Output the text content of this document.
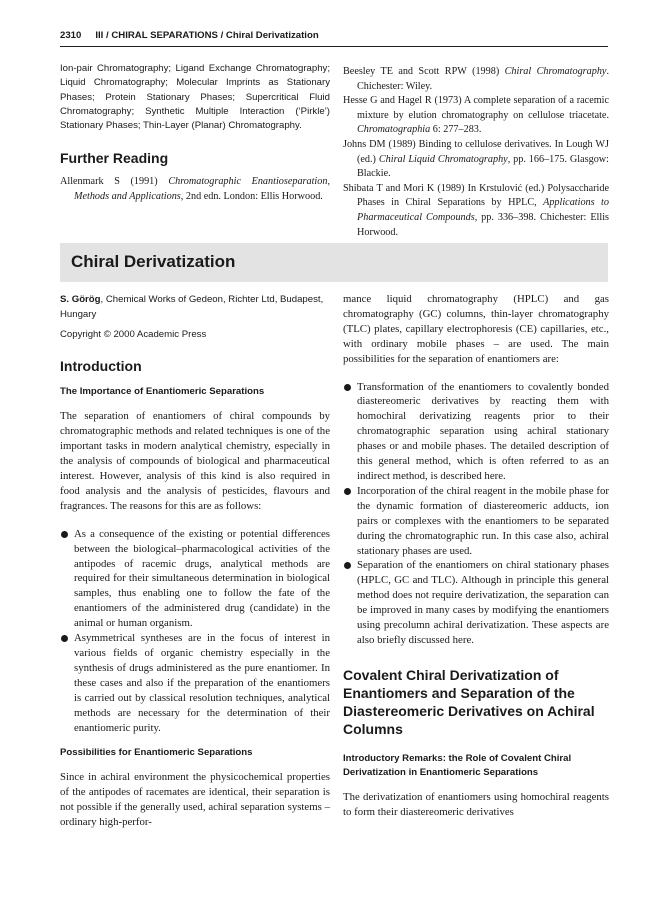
2310 III / CHIRAL SEPARATIONS / Chiral Derivatization

Ion-pair Chromatography; Ligand Exchange Chromatography; Liquid Chromatography; Molecular Imprints as Stationary Phases; Protein Stationary Phases; Supercritical Fluid Chromatography; Synthetic Multiple Interaction (‘Pirkle’) Stationary Phases; Thin-Layer (Planar) Chromatography.

Further Reading

Allenmark S (1991) Chromatographic Enantioseparation, Methods and Applications, 2nd edn. London: Ellis Horwood.

Beesley TE and Scott RPW (1998) Chiral Chromatography. Chichester: Wiley.

Hesse G and Hagel R (1973) A complete separation of a racemic mixture by elution chromatography on cellulose triacetate. Chromatographia 6: 277–283.

Johns DM (1989) Binding to cellulose derivatives. In Lough WJ (ed.) Chiral Liquid Chromatography, pp. 166–175. Glasgow: Blackie.

Shibata T and Mori K (1989) In Krstulović (ed.) Polysaccharide Phases in Chiral Separations by HPLC, Applications to Pharmaceutical Compounds, pp. 336–398. Chichester: Ellis Horwood.

Chiral Derivatization

S. Görög, Chemical Works of Gedeon, Richter Ltd, Budapest, Hungary

Copyright © 2000 Academic Press

Introduction
The Importance of Enantiomeric Separations

The separation of enantiomers of chiral compounds by chromatographic methods and related techniques is one of the important tasks in modern analytical chemistry, especially in the analysis of compounds of biological and pharmaceutical interest. However, analysis of this kind is also required in food analysis and the analysis of pesticides, flavours and fragrances. The reasons for this are as follows:

As a consequence of the existing or potential differences between the biological–pharmacological activities of the antipodes of racemic drugs, analytical methods are required for their simultaneous determination in biological samples, thus enabling one to follow the fate of the enantiomers of the administered drug (candidate) in the animal or human organism.
Asymmetrical syntheses are in the focus of interest in various fields of organic chemistry especially in the synthesis of drugs administered as the pure enantiomer. In these cases and also if the preparation of the enantiomers is carried out by classical resolution techniques, analytical methods are necessary for the determination of their enantiomeric purity.
Possibilities for Enantiomeric Separations

Since in achiral environment the physicochemical properties of the antipodes of racemates are identical, their separation is not possible if the generally used, achiral separation systems – ordinary high-perfor-

mance liquid chromatography (HPLC) and gas chromatography (GC) columns, thin-layer chromatography (TLC) plates, capillary electrophoresis (CE) capillaries, etc., with ordinary mobile phases – are used. The main possibilities for the separation of enantiomers are:

Transformation of the enantiomers to covalently bonded diastereomeric derivatives by reacting them with homochiral derivatizing reagents prior to their chromatographic separation using achiral stationary phases or and mobile phases. The detailed description of this general method, which is often referred to as an indirect method, is described here.
Incorporation of the chiral reagent in the mobile phase for the dynamic formation of diastereomeric adducts, ion pairs or complexes with the enantiomers to be separated during the chromatographic run. In this case also, achiral stationary phases are used.
Separation of the enantiomers on chiral stationary phases (HPLC, GC and TLC). Although in principle this general method does not require derivatization, the separation can be improved in many cases by modifying the enantiomers using precolumn achiral derivatization. These aspects are also briefly discussed here.
Covalent Chiral Derivatization of Enantiomers and Separation of the Diastereomeric Derivatives on Achiral Columns
Introductory Remarks: the Role of Covalent Chiral Derivatization in Enantiomeric Separations

The derivatization of enantiomers using homochiral reagents to form their diastereomeric derivatives
